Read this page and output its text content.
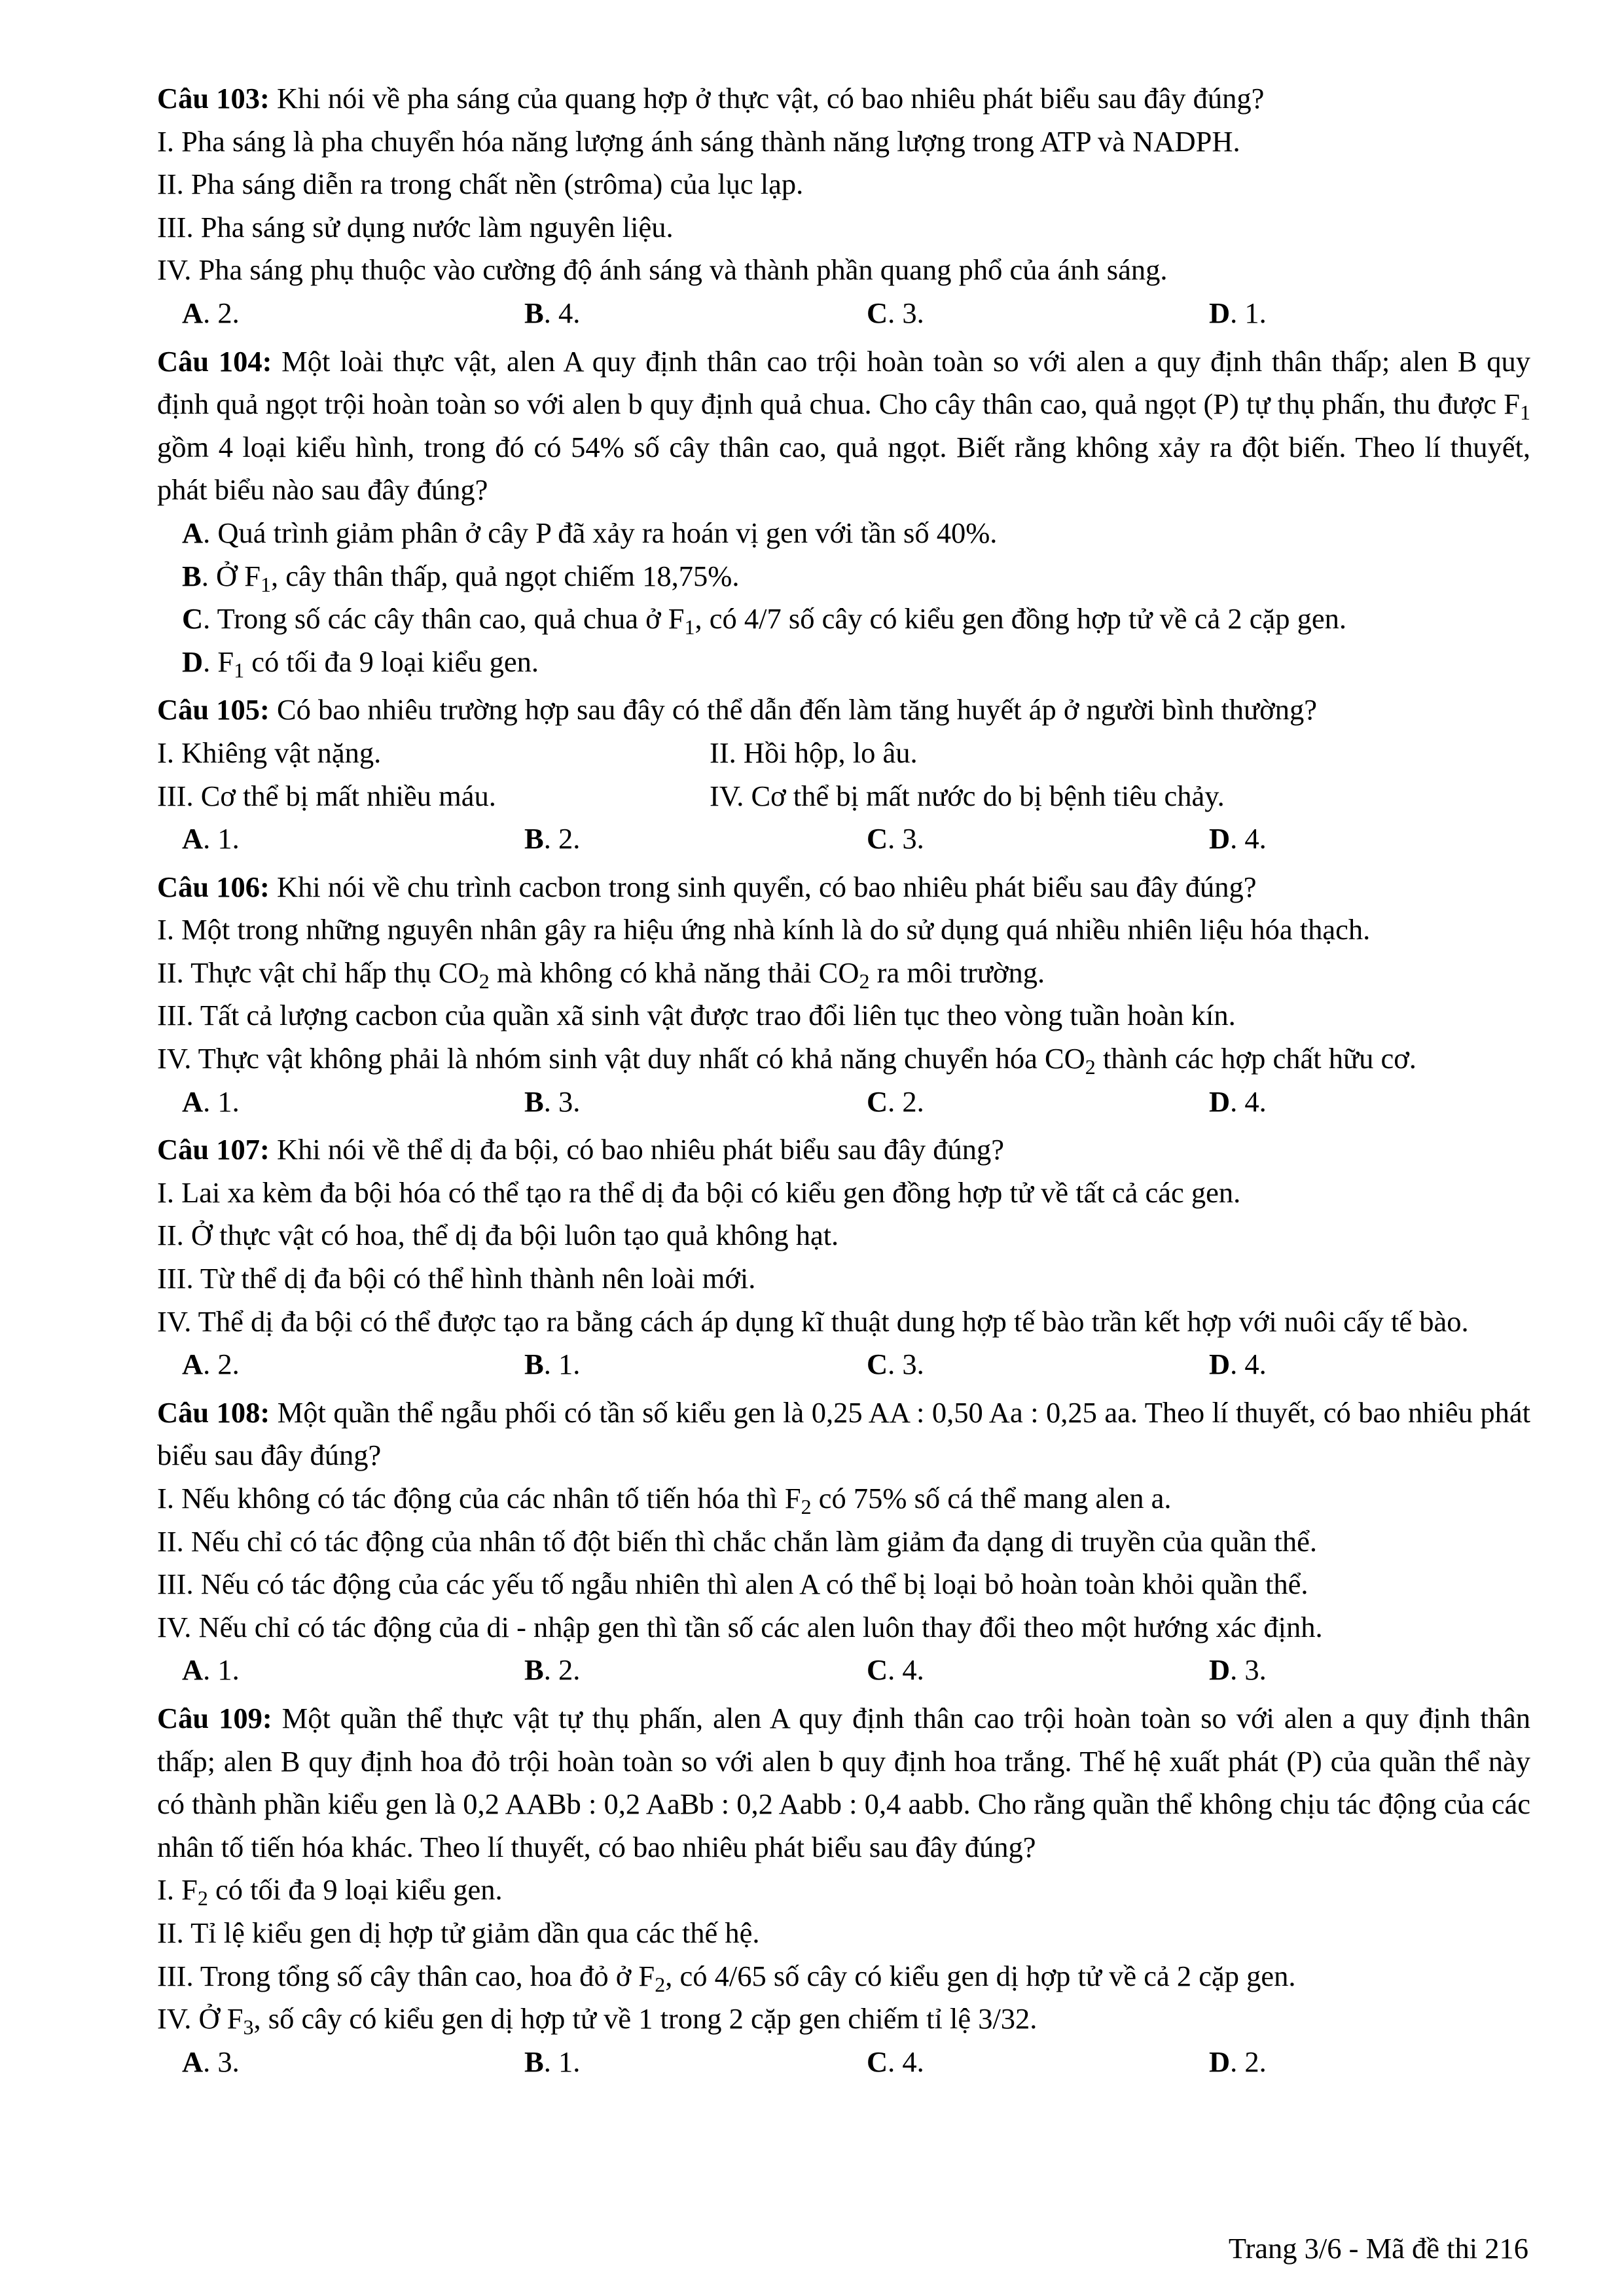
Câu 103: Khi nói về pha sáng của quang hợp ở thực vật, có bao nhiêu phát biểu sau đây đúng?

I. Pha sáng là pha chuyển hóa năng lượng ánh sáng thành năng lượng trong ATP và NADPH.

II. Pha sáng diễn ra trong chất nền (strôma) của lục lạp.

III. Pha sáng sử dụng nước làm nguyên liệu.

IV. Pha sáng phụ thuộc vào cường độ ánh sáng và thành phần quang phổ của ánh sáng.

A. 2.	B. 4.	C. 3.	D. 1.

Câu 104: Một loài thực vật, alen A quy định thân cao trội hoàn toàn so với alen a quy định thân thấp; alen B quy định quả ngọt trội hoàn toàn so với alen b quy định quả chua. Cho cây thân cao, quả ngọt (P) tự thụ phấn, thu được $F_1$ gồm 4 loại kiểu hình, trong đó có 54% số cây thân cao, quả ngọt. Biết rằng không xảy ra đột biến. Theo lí thuyết, phát biểu nào sau đây đúng?

A. Quá trình giảm phân ở cây P đã xảy ra hoán vị gen với tần số 40%.

B. Ở $F_1$, cây thân thấp, quả ngọt chiếm 18,75%.

C. Trong số các cây thân cao, quả chua ở $F_1$, có 4/7 số cây có kiểu gen đồng hợp tử về cả 2 cặp gen.

D. $F_1$ có tối đa 9 loại kiểu gen.

Câu 105: Có bao nhiêu trường hợp sau đây có thể dẫn đến làm tăng huyết áp ở người bình thường?

I. Khiêng vật nặng.	II. Hồi hộp, lo âu.
III. Cơ thể bị mất nhiều máu.	IV. Cơ thể bị mất nước do bị bệnh tiêu chảy.
A. 1.	B. 2.	C. 3.	D. 4.

Câu 106: Khi nói về chu trình cacbon trong sinh quyển, có bao nhiêu phát biểu sau đây đúng?

I. Một trong những nguyên nhân gây ra hiệu ứng nhà kính là do sử dụng quá nhiều nhiên liệu hóa thạch.

II. Thực vật chỉ hấp thụ $CO_2$ mà không có khả năng thải $CO_2$ ra môi trường.

III. Tất cả lượng cacbon của quần xã sinh vật được trao đổi liên tục theo vòng tuần hoàn kín.

IV. Thực vật không phải là nhóm sinh vật duy nhất có khả năng chuyển hóa $CO_2$ thành các hợp chất hữu cơ.

A. 1.	B. 3.	C. 2.	D. 4.

Câu 107: Khi nói về thể dị đa bội, có bao nhiêu phát biểu sau đây đúng?

I. Lai xa kèm đa bội hóa có thể tạo ra thể dị đa bội có kiểu gen đồng hợp tử về tất cả các gen.

II. Ở thực vật có hoa, thể dị đa bội luôn tạo quả không hạt.

III. Từ thể dị đa bội có thể hình thành nên loài mới.

IV. Thể dị đa bội có thể được tạo ra bằng cách áp dụng kĩ thuật dung hợp tế bào trần kết hợp với nuôi cấy tế bào.

A. 2.	B. 1.	C. 3.	D. 4.

Câu 108: Một quần thể ngẫu phối có tần số kiểu gen là 0,25 AA : 0,50 Aa : 0,25 aa. Theo lí thuyết, có bao nhiêu phát biểu sau đây đúng?

I. Nếu không có tác động của các nhân tố tiến hóa thì $F_2$ có 75% số cá thể mang alen a.

II. Nếu chỉ có tác động của nhân tố đột biến thì chắc chắn làm giảm đa dạng di truyền của quần thể.

III. Nếu có tác động của các yếu tố ngẫu nhiên thì alen A có thể bị loại bỏ hoàn toàn khỏi quần thể.

IV. Nếu chỉ có tác động của di - nhập gen thì tần số các alen luôn thay đổi theo một hướng xác định.

A. 1.	B. 2.	C. 4.	D. 3.

Câu 109: Một quần thể thực vật tự thụ phấn, alen A quy định thân cao trội hoàn toàn so với alen a quy định thân thấp; alen B quy định hoa đỏ trội hoàn toàn so với alen b quy định hoa trắng. Thế hệ xuất phát (P) của quần thể này có thành phần kiểu gen là 0,2 AABb : 0,2 AaBb : 0,2 Aabb : 0,4 aabb. Cho rằng quần thể không chịu tác động của các nhân tố tiến hóa khác. Theo lí thuyết, có bao nhiêu phát biểu sau đây đúng?

I. $F_2$ có tối đa 9 loại kiểu gen.

II. Tỉ lệ kiểu gen dị hợp tử giảm dần qua các thế hệ.

III. Trong tổng số cây thân cao, hoa đỏ ở $F_2$, có 4/65 số cây có kiểu gen dị hợp tử về cả 2 cặp gen.

IV. Ở $F_3$, số cây có kiểu gen dị hợp tử về 1 trong 2 cặp gen chiếm tỉ lệ 3/32.

A. 3.	B. 1.	C. 4.	D. 2.
Trang 3/6 - Mã đề thi 216
